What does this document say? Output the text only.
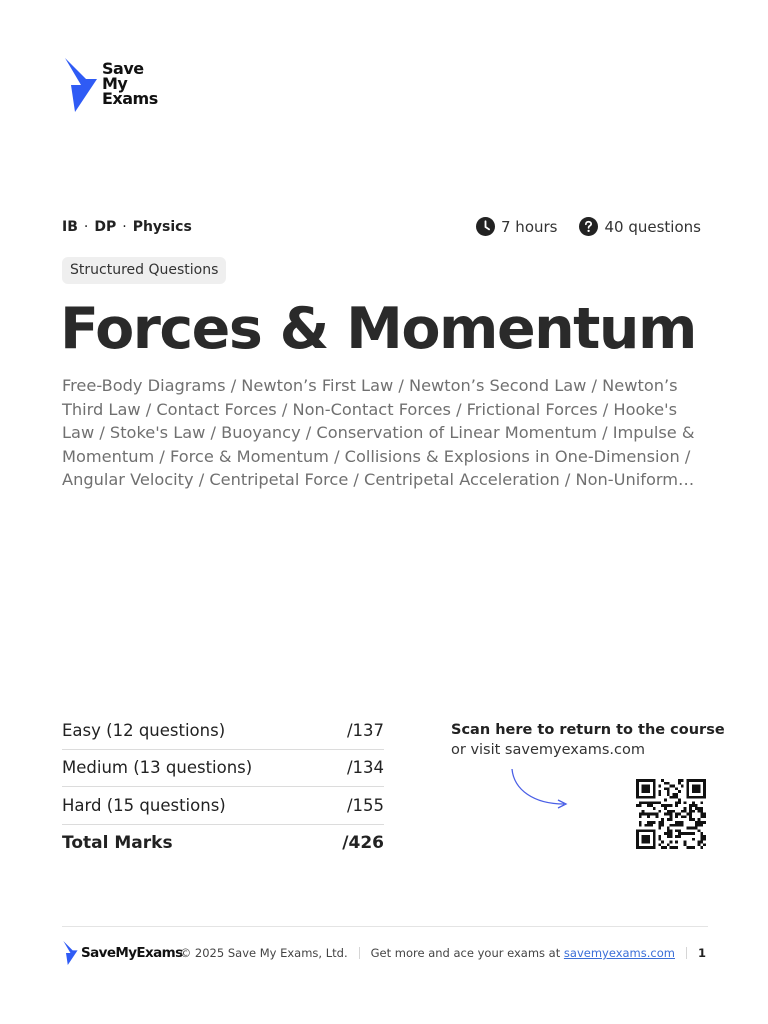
Save
My
Exams
IB · DP · Physics	7 hours	40 questions
Structured Questions
Forces & Momentum
Free-Body Diagrams / Newton’s First Law / Newton’s Second Law / Newton’s Third Law / Contact Forces / Non-Contact Forces / Frictional Forces / Hooke's Law / Stoke's Law / Buoyancy / Conservation of Linear Momentum / Impulse & Momentum / Force & Momentum / Collisions & Explosions in One-Dimension / Angular Velocity / Centripetal Force / Centripetal Acceleration / Non-Uniform…
Easy (12 questions)	/137
Medium (13 questions)	/134
Hard (15 questions)	/155
Total Marks	/426
Scan here to return to the course
or visit savemyexams.com
SaveMyExams
© 2025 Save My Exams, Ltd. Get more and ace your exams at savemyexams.com 1
